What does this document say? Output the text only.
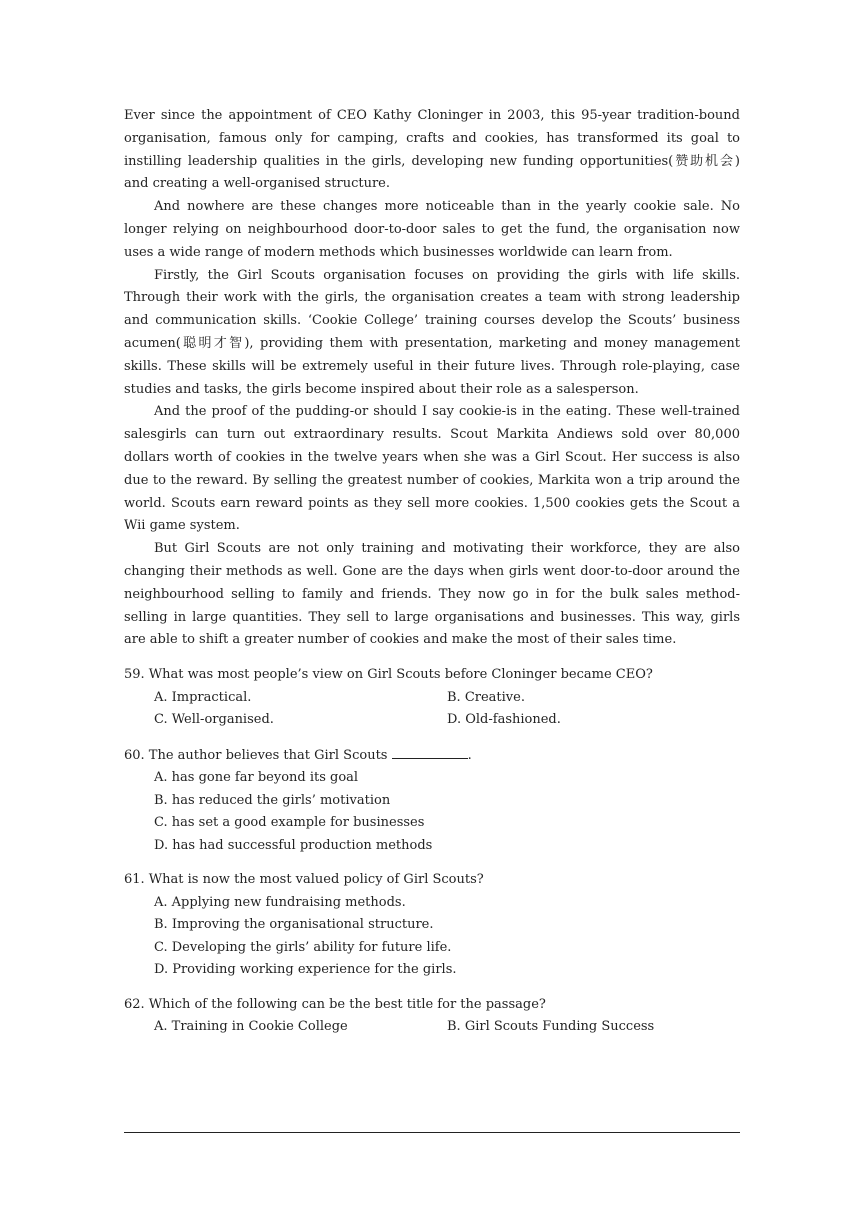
Ever since the appointment of CEO Kathy Cloninger in 2003, this 95-year tradition-bound organisation, famous only for camping, crafts and cookies, has transformed its goal to instilling leadership qualities in the girls, developing new funding opportunities(赞助机会) and creating a well-organised structure.

And nowhere are these changes more noticeable than in the yearly cookie sale. No longer relying on neighbourhood door-to-door sales to get the fund, the organisation now uses a wide range of modern methods which businesses worldwide can learn from.

Firstly, the Girl Scouts organisation focuses on providing the girls with life skills. Through their work with the girls, the organisation creates a team with strong leadership and communication skills. ‘Cookie College’ training courses develop the Scouts’ business acumen(聪明才智), providing them with presentation, marketing and money management skills. These skills will be extremely useful in their future lives. Through role-playing, case studies and tasks, the girls become inspired about their role as a salesperson.

And the proof of the pudding-or should I say cookie-is in the eating. These well-trained salesgirls can turn out extraordinary results. Scout Markita Andiews sold over 80,000 dollars worth of cookies in the twelve years when she was a Girl Scout. Her success is also due to the reward. By selling the greatest number of cookies, Markita won a trip around the world. Scouts earn reward points as they sell more cookies. 1,500 cookies gets the Scout a Wii game system.

But Girl Scouts are not only training and motivating their workforce, they are also changing their methods as well. Gone are the days when girls went door-to-door around the neighbourhood selling to family and friends. They now go in for the bulk sales method-selling in large quantities. They sell to large organisations and businesses. This way, girls are able to shift a greater number of cookies and make the most of their sales time.

59. What was most people’s view on Girl Scouts before Cloninger became CEO?
A. Impractical.	B. Creative.
C. Well-organised.	D. Old-fashioned.
60. The author believes that Girl Scouts	.
A. has gone far beyond its goal
B. has reduced the girls’ motivation
C. has set a good example for businesses
D. has had successful production methods
61. What is now the most valued policy of Girl Scouts?
A. Applying new fundraising methods.
B. Improving the organisational structure.
C. Developing the girls’ ability for future life.
D. Providing working experience for the girls.
62. Which of the following can be the best title for the passage?
A. Training in Cookie College	B. Girl Scouts Funding Success
